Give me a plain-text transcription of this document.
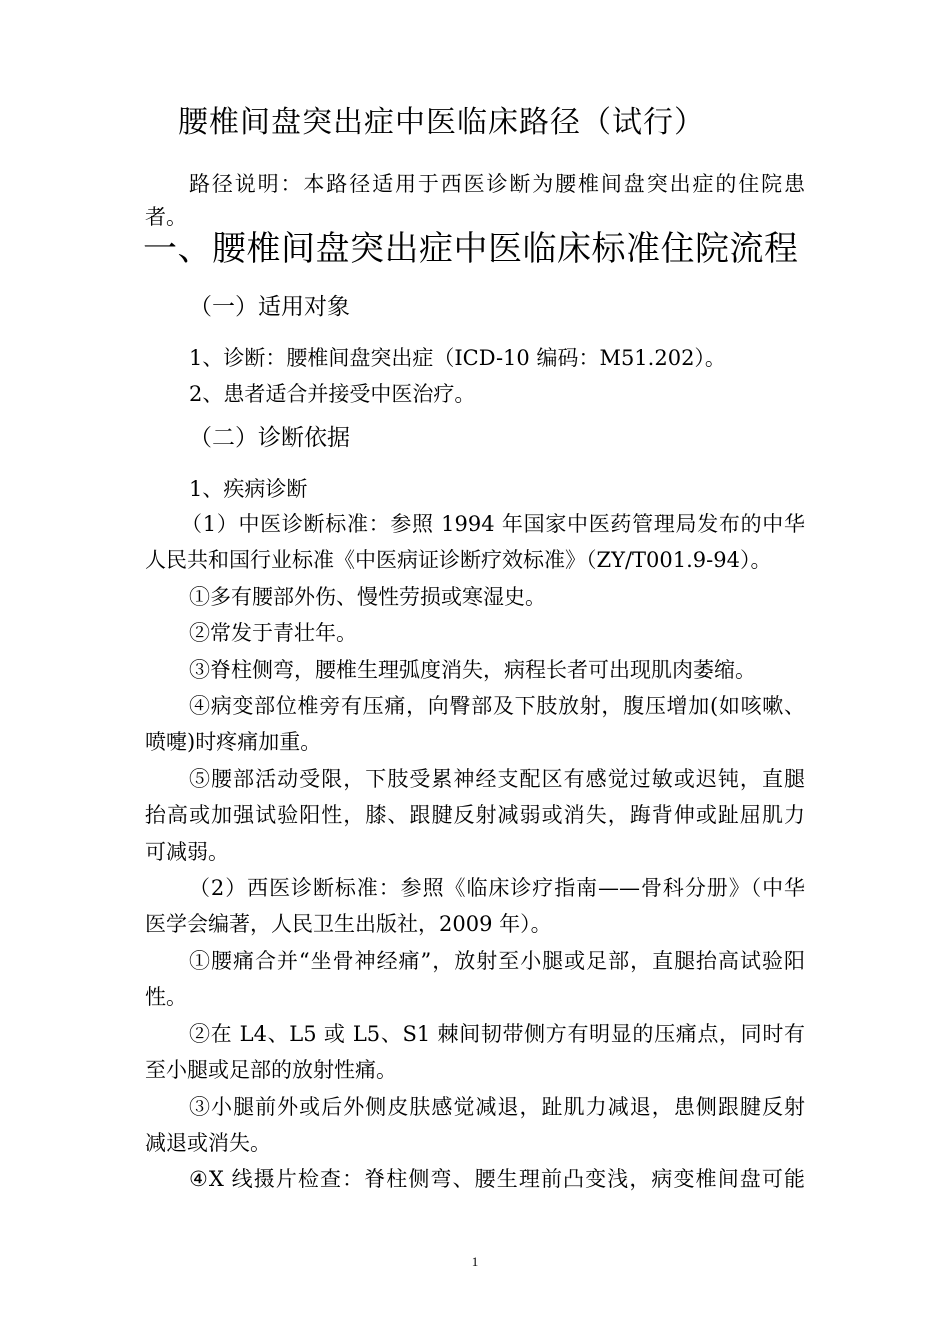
腰椎间盘突出症中医临床路径（试行）
路径说明：本路径适用于西医诊断为腰椎间盘突出症的住院患
者。
一、腰椎间盘突出症中医临床标准住院流程
（一）适用对象
1、诊断：腰椎间盘突出症（ICD-10 编码：M51.202）。
2、患者适合并接受中医治疗。
（二）诊断依据
1、疾病诊断
（1）中医诊断标准：参照 1994 年国家中医药管理局发布的中华
人民共和国行业标准《中医病证诊断疗效标准》（ZY/T001.9-94）。
①多有腰部外伤、慢性劳损或寒湿史。
②常发于青壮年。
③脊柱侧弯，腰椎生理弧度消失，病程长者可出现肌肉萎缩。
④病变部位椎旁有压痛，向臀部及下肢放射，腹压增加(如咳嗽、
喷嚏)时疼痛加重。
⑤腰部活动受限，下肢受累神经支配区有感觉过敏或迟钝，直腿
抬高或加强试验阳性，膝、跟腱反射减弱或消失，踇背伸或趾屈肌力
可减弱。
（2）西医诊断标准：参照《临床诊疗指南——骨科分册》（中华
医学会编著，人民卫生出版社，2009 年）。
①腰痛合并“坐骨神经痛”，放射至小腿或足部，直腿抬高试验阳
性。
②在 L4、L5 或 L5、S1 棘间韧带侧方有明显的压痛点，同时有
至小腿或足部的放射性痛。
③小腿前外或后外侧皮肤感觉减退，趾肌力减退，患侧跟腱反射
减退或消失。
④X 线摄片检查：脊柱侧弯、腰生理前凸变浅，病变椎间盘可能
1
